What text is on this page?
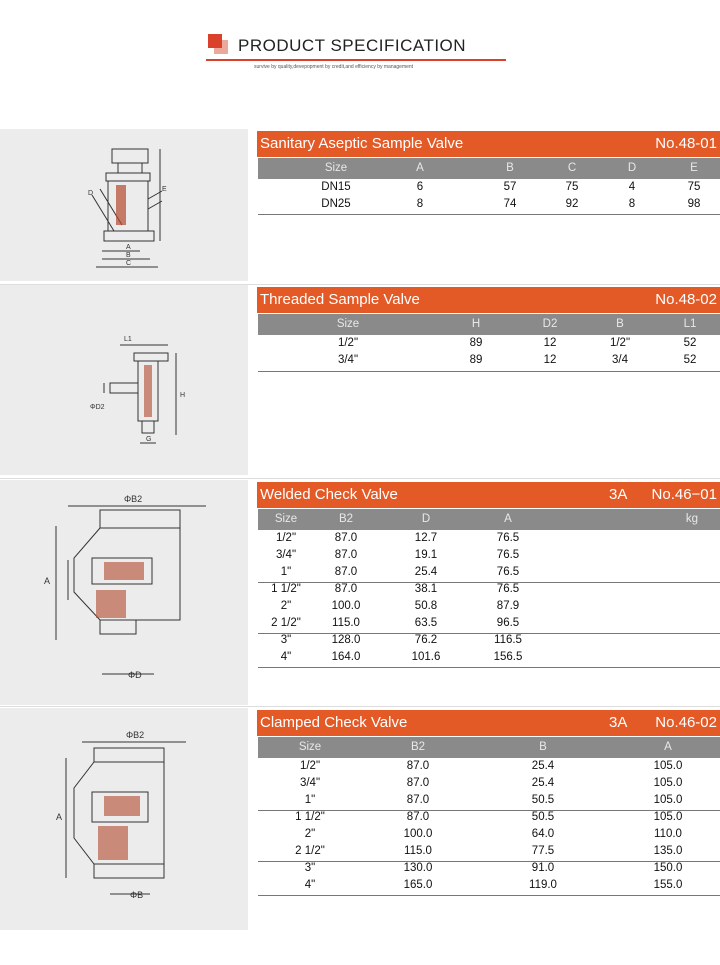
PRODUCT SPECIFICATION
survive by quality,devepopment by credit,and efficiency by management
D
E
A
B
C
Sanitary Aseptic Sample Valve	No.48-01
Size	A	B	C	D	E
DN15	6	57	75	4	75
DN25	8	74	92	8	98
L1
ΦD2
H
G
Threaded Sample Valve	No.48-02
Size	H	D2	B	L1
1/2"	89	12	1/2"	52
3/4"	89	12	3/4	52
ΦB2
A
ΦD
Welded Check Valve	3A No.46−01
Size	B2	D	A	kg
1/2"	87.0	12.7	76.5
3/4"	87.0	19.1	76.5
1"	87.0	25.4	76.5
1 1/2"	87.0	38.1	76.5
2"	100.0	50.8	87.9
2 1/2"	115.0	63.5	96.5
3"	128.0	76.2	116.5
4"	164.0	101.6	156.5
ΦB2
A
ΦB
Clamped Check Valve	3A No.46-02
Size	B2	B	A
1/2"	87.0	25.4	105.0
3/4"	87.0	25.4	105.0
1"	87.0	50.5	105.0
1 1/2"	87.0	50.5	105.0
2"	100.0	64.0	110.0
2 1/2"	115.0	77.5	135.0
3"	130.0	91.0	150.0
4"	165.0	119.0	155.0
